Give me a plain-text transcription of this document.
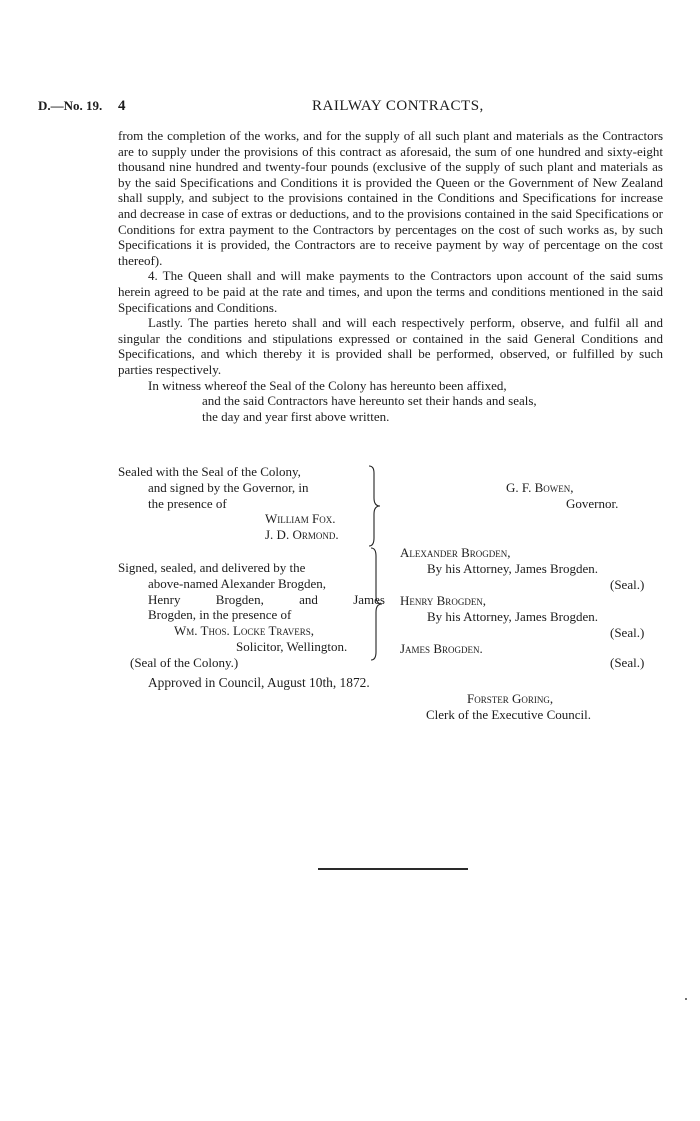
D.—No. 19. 4	RAILWAY CONTRACTS,

from the completion of the works, and for the supply of all such plant and materials as the Contractors are to supply under the provisions of this contract as aforesaid, the sum of one hundred and sixty-eight thousand nine hundred and twenty-four pounds (exclusive of the supply of such plant and materials as by the said Specifications and Conditions it is provided the Queen or the Government of New Zealand shall supply, and subject to the provisions contained in the Conditions and Specifications for increase and decrease in case of extras or deductions, and to the provisions contained in the said Specifications or Conditions for extra payment to the Contractors by percentages on the cost of such works as, by such Specifications it is provided, the Contractors are to receive payment by way of percentage on the cost thereof).

4. The Queen shall and will make payments to the Contractors upon account of the said sums herein agreed to be paid at the rate and times, and upon the terms and conditions mentioned in the said Specifications and Conditions.

Lastly. The parties hereto shall and will each respectively perform, observe, and fulfil all and singular the conditions and stipulations expressed or contained in the said General Conditions and Specifications, and which thereby it is provided shall be performed, observed, or fulfilled by such parties respectively.

In witness whereof the Seal of the Colony has hereunto been affixed,

and the said Contractors have hereunto set their hands and seals,
the day and year first above written.

Sealed with the Seal of the Colony,
and signed by the Governor, in
the presence of
William Fox.
J. D. Ormond.
G. F. Bowen,
Governor.
Signed, sealed, and delivered by the
above-named Alexander Brogden,
Henry Brogden, and James
Brogden, in the presence of
Wm. Thos. Locke Travers,
Solicitor, Wellington.
(Seal of the Colony.)
Alexander Brogden,
By his Attorney, James Brogden.
(Seal.)
Henry Brogden,
By his Attorney, James Brogden.
(Seal.)
James Brogden.
(Seal.)
Approved in Council, August 10th, 1872.
Forster Goring,
Clerk of the Executive Council.
